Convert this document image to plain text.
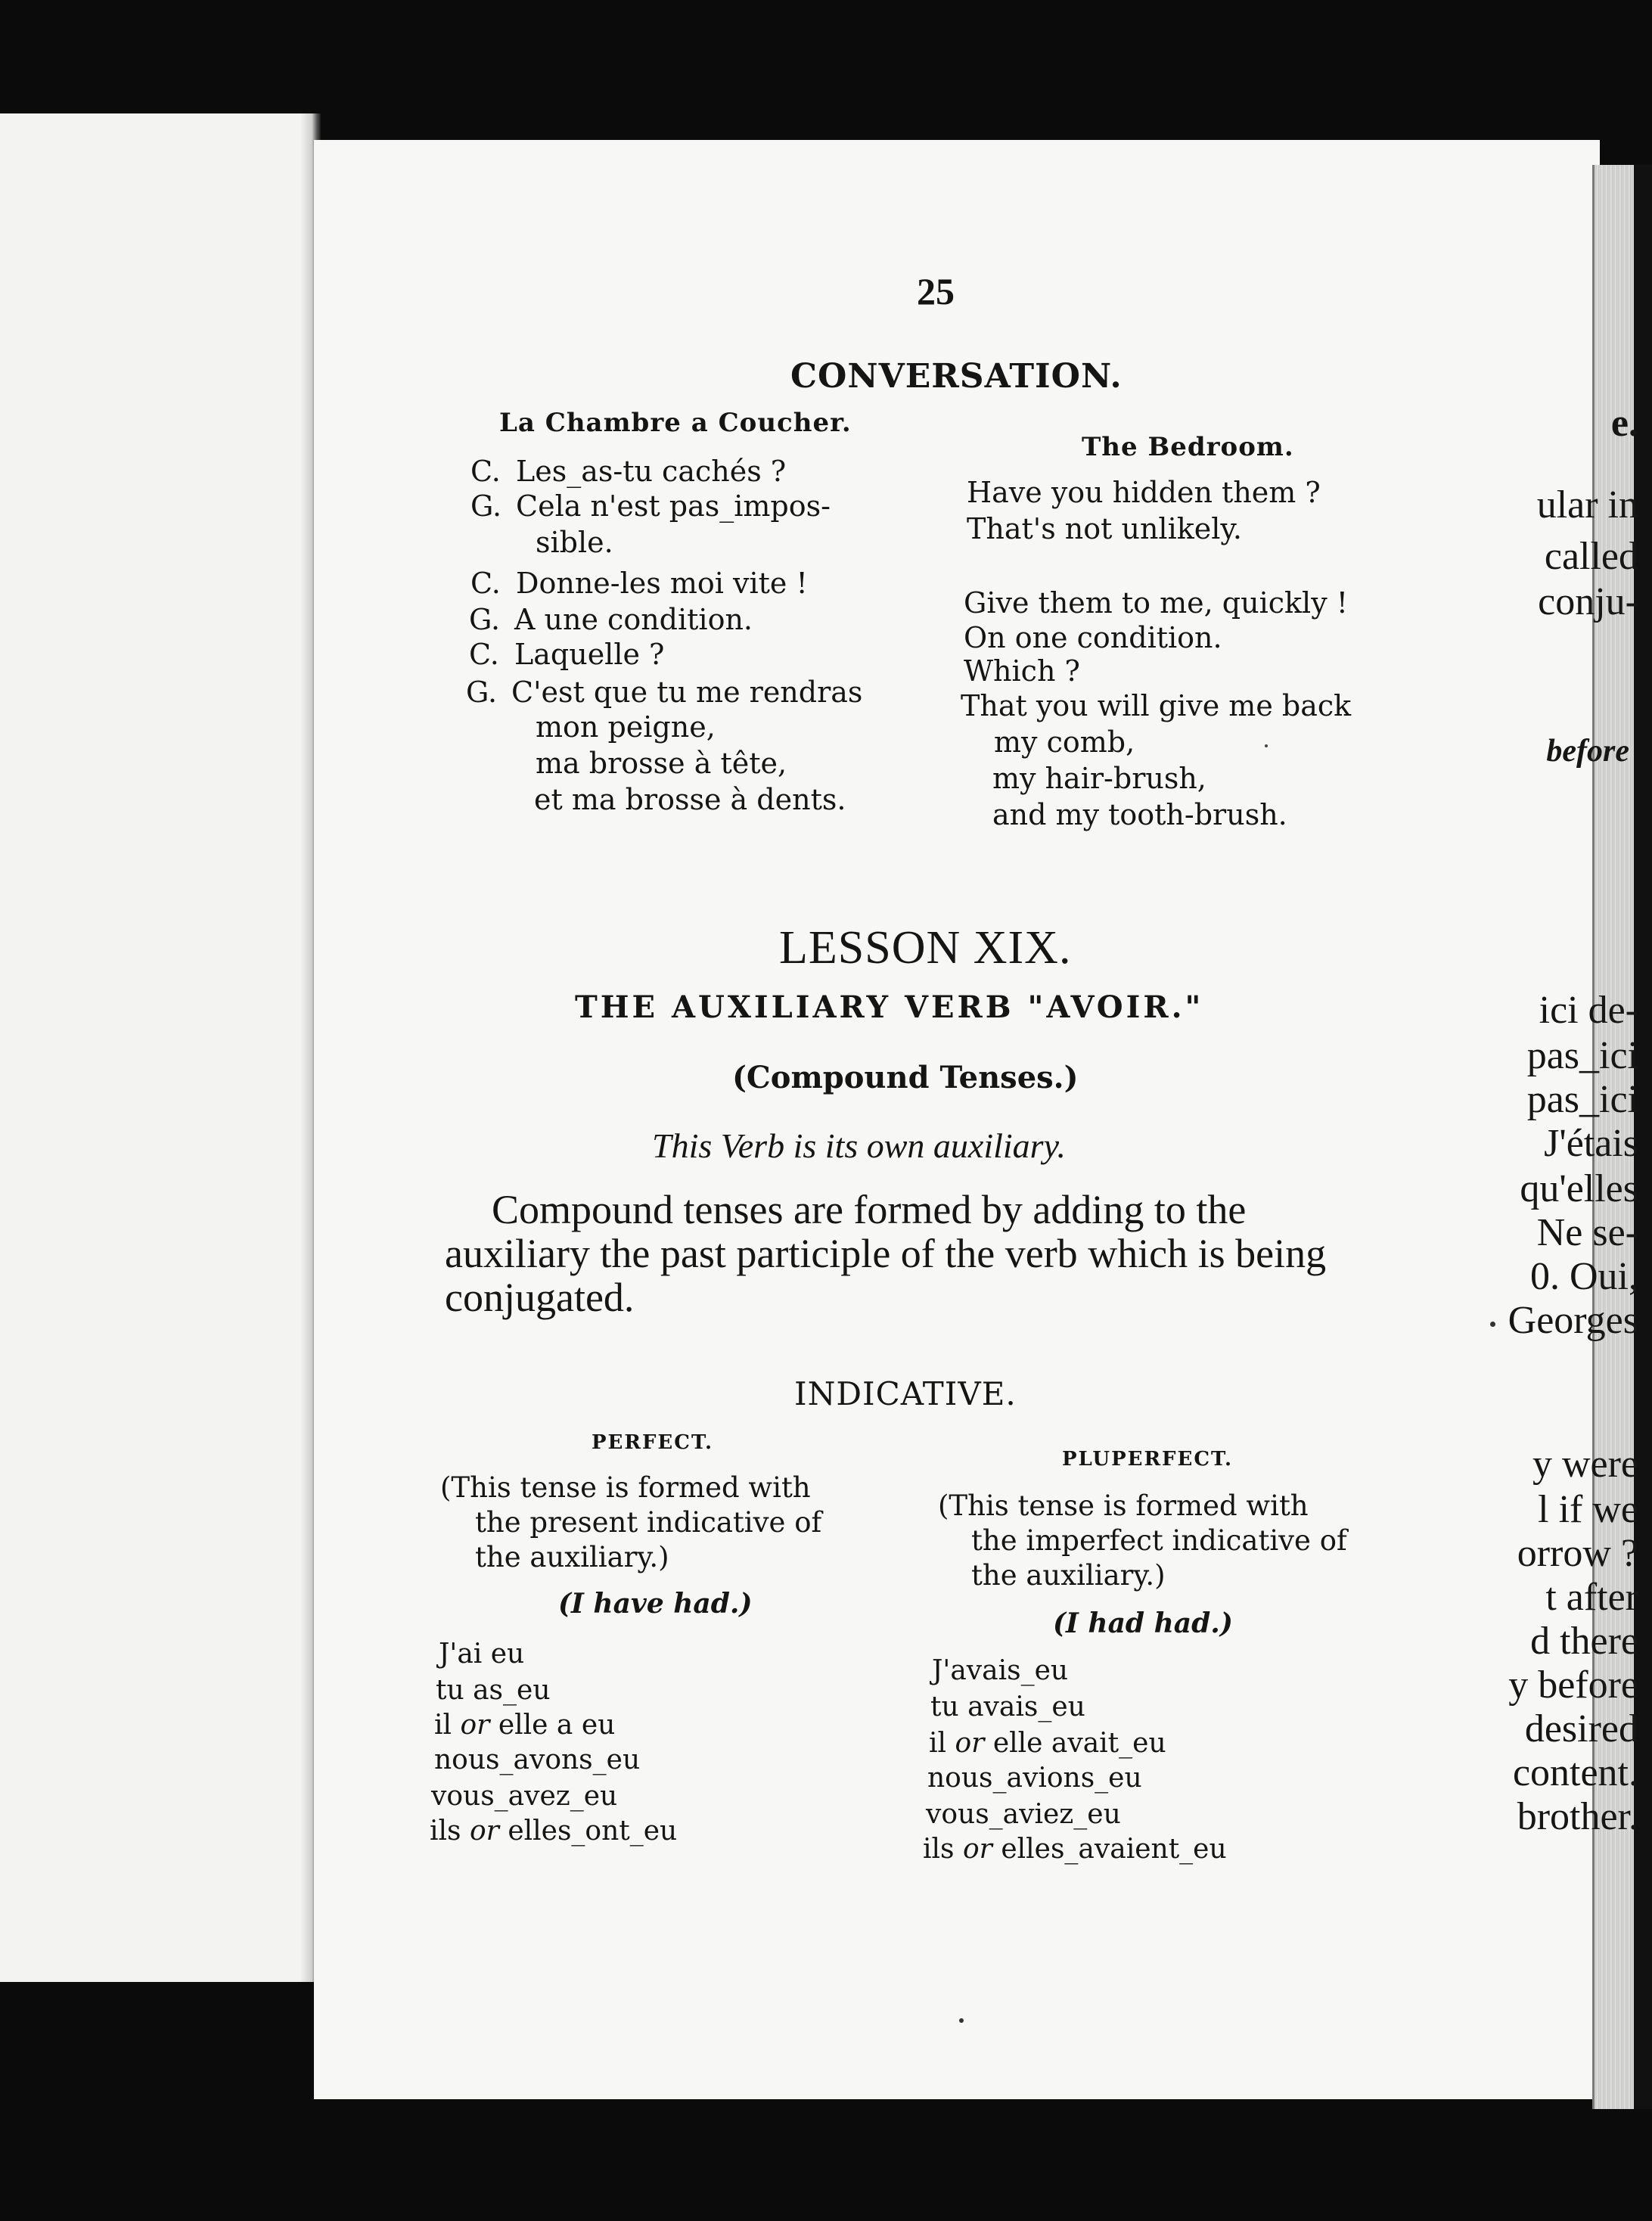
e.
ular in
called
conju-
before
ici de-
pas_ici
pas_ici
J'étais
qu'elles
Ne se-
0. Oui,
Georges
y were
l if we
orrow ?
t after
d there
y before
desired
content.
brother.
25
CONVERSATION.
La Chambre a Coucher.
The Bedroom.
C. Les_as-tu cachés ?
G. Cela n'est pas_impos-
sible.
C. Donne-les moi vite !
G. A une condition.
C. Laquelle ?
G. C'est que tu me rendras
mon peigne,
ma brosse à tête,
et ma brosse à dents.
Have you hidden them ?
That's not unlikely.
Give them to me, quickly !
On one condition.
Which ?
That you will give me back
my comb,
my hair-brush,
and my tooth-brush.
LESSON XIX.
THE AUXILIARY VERB "AVOIR."
(Compound Tenses.)
This Verb is its own auxiliary.
Compound tenses are formed by adding to the auxiliary the past participle of the verb which is being conjugated.
INDICATIVE.
PERFECT.
(This tense is formed with
the present indicative of
the auxiliary.)
(I have had.)
J'ai eu
tu as_eu
il or elle a eu
nous_avons_eu
vous_avez_eu
ils or elles_ont_eu
PLUPERFECT.
(This tense is formed with
the imperfect indicative of
the auxiliary.)
(I had had.)
J'avais_eu
tu avais_eu
il or elle avait_eu
nous_avions_eu
vous_aviez_eu
ils or elles_avaient_eu
